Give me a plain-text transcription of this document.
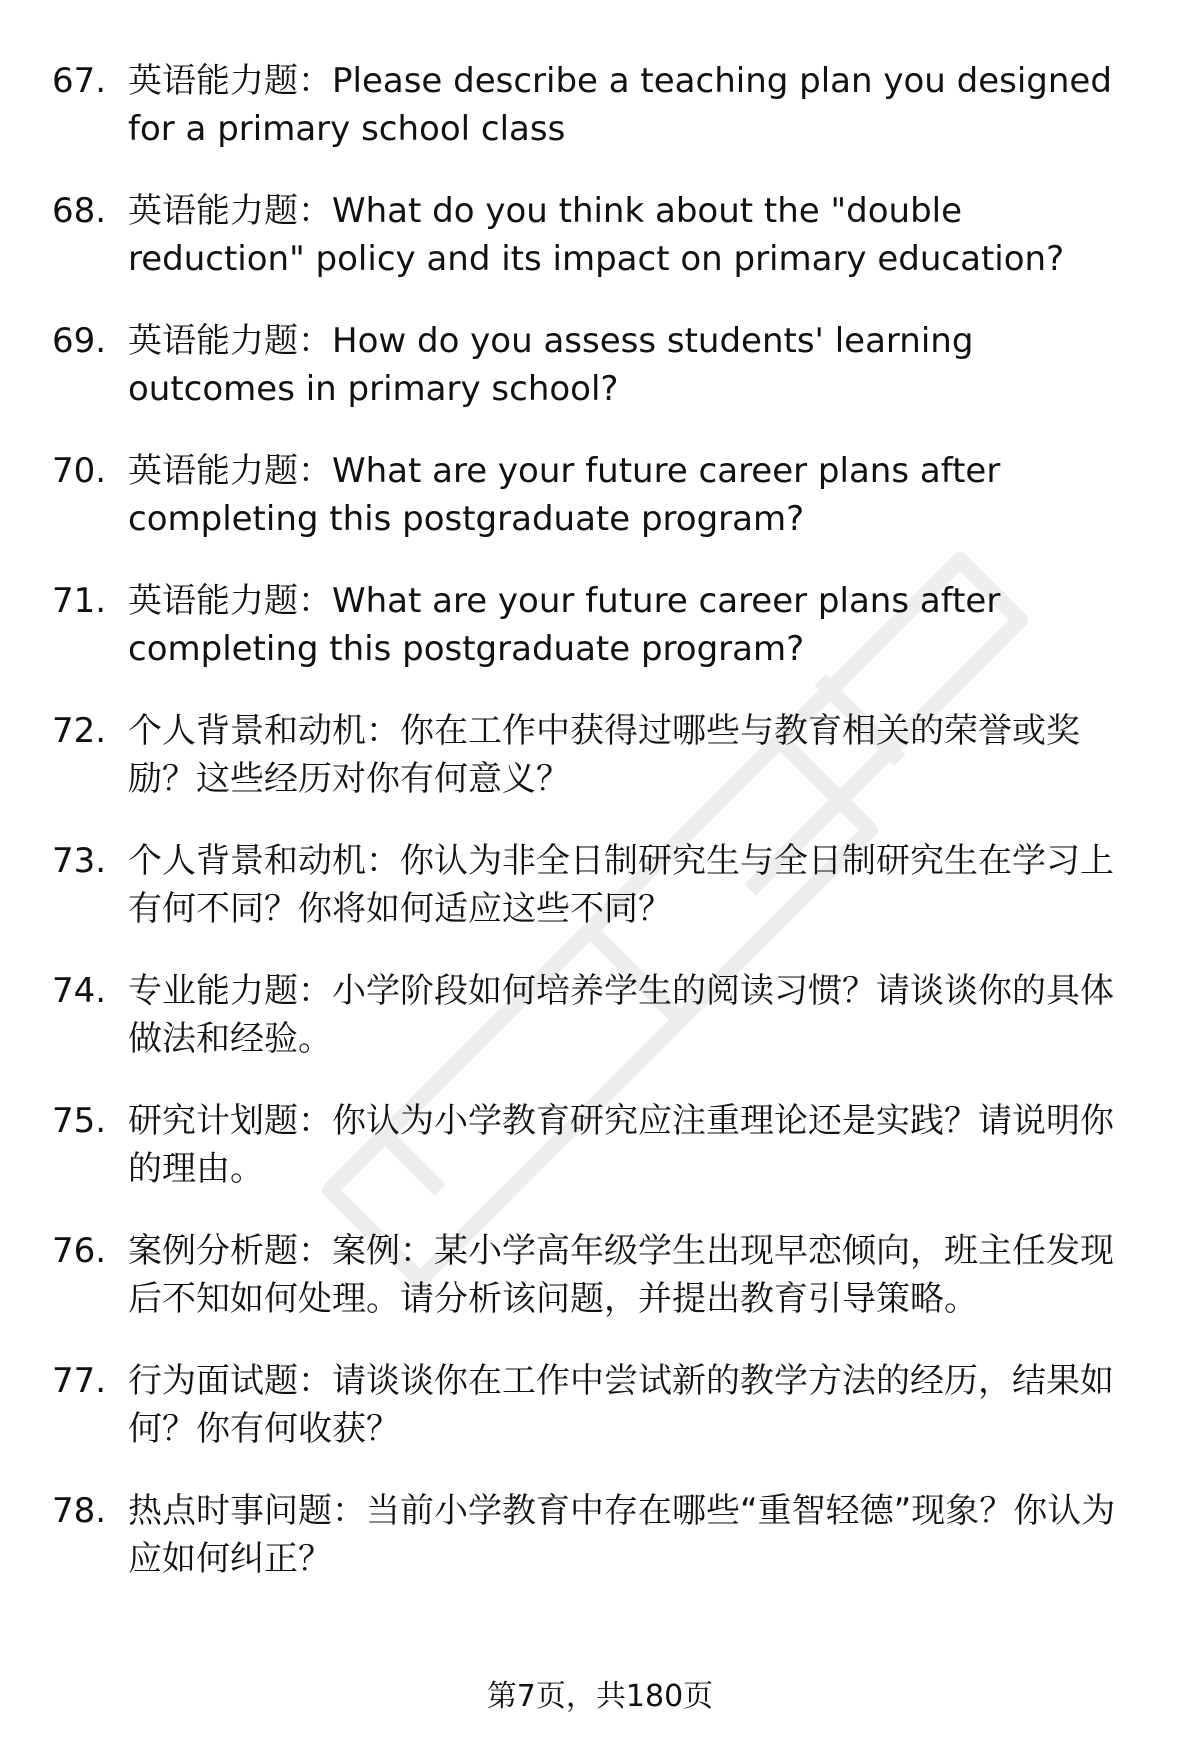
67. 英语能力题：Please describe a teaching plan you designed for a primary school class
68. 英语能力题：What do you think about the "double reduction" policy and its impact on primary education?
69. 英语能力题：How do you assess students' learning outcomes in primary school?
70. 英语能力题：What are your future career plans after completing this postgraduate program?
71. 英语能力题：What are your future career plans after completing this postgraduate program?
72. 个人背景和动机：你在工作中获得过哪些与教育相关的荣誉或奖励？这些经历对你有何意义？
73. 个人背景和动机：你认为非全日制研究生与全日制研究生在学习上有何不同？你将如何适应这些不同？
74. 专业能力题：小学阶段如何培养学生的阅读习惯？请谈谈你的具体做法和经验。
75. 研究计划题：你认为小学教育研究应注重理论还是实践？请说明你的理由。
76. 案例分析题：案例：某小学高年级学生出现早恋倾向，班主任发现后不知如何处理。请分析该问题，并提出教育引导策略。
77. 行为面试题：请谈谈你在工作中尝试新的教学方法的经历，结果如何？你有何收获？
78. 热点时事问题：当前小学教育中存在哪些“重智轻德”现象？你认为应如何纠正？
第7页，共180页
